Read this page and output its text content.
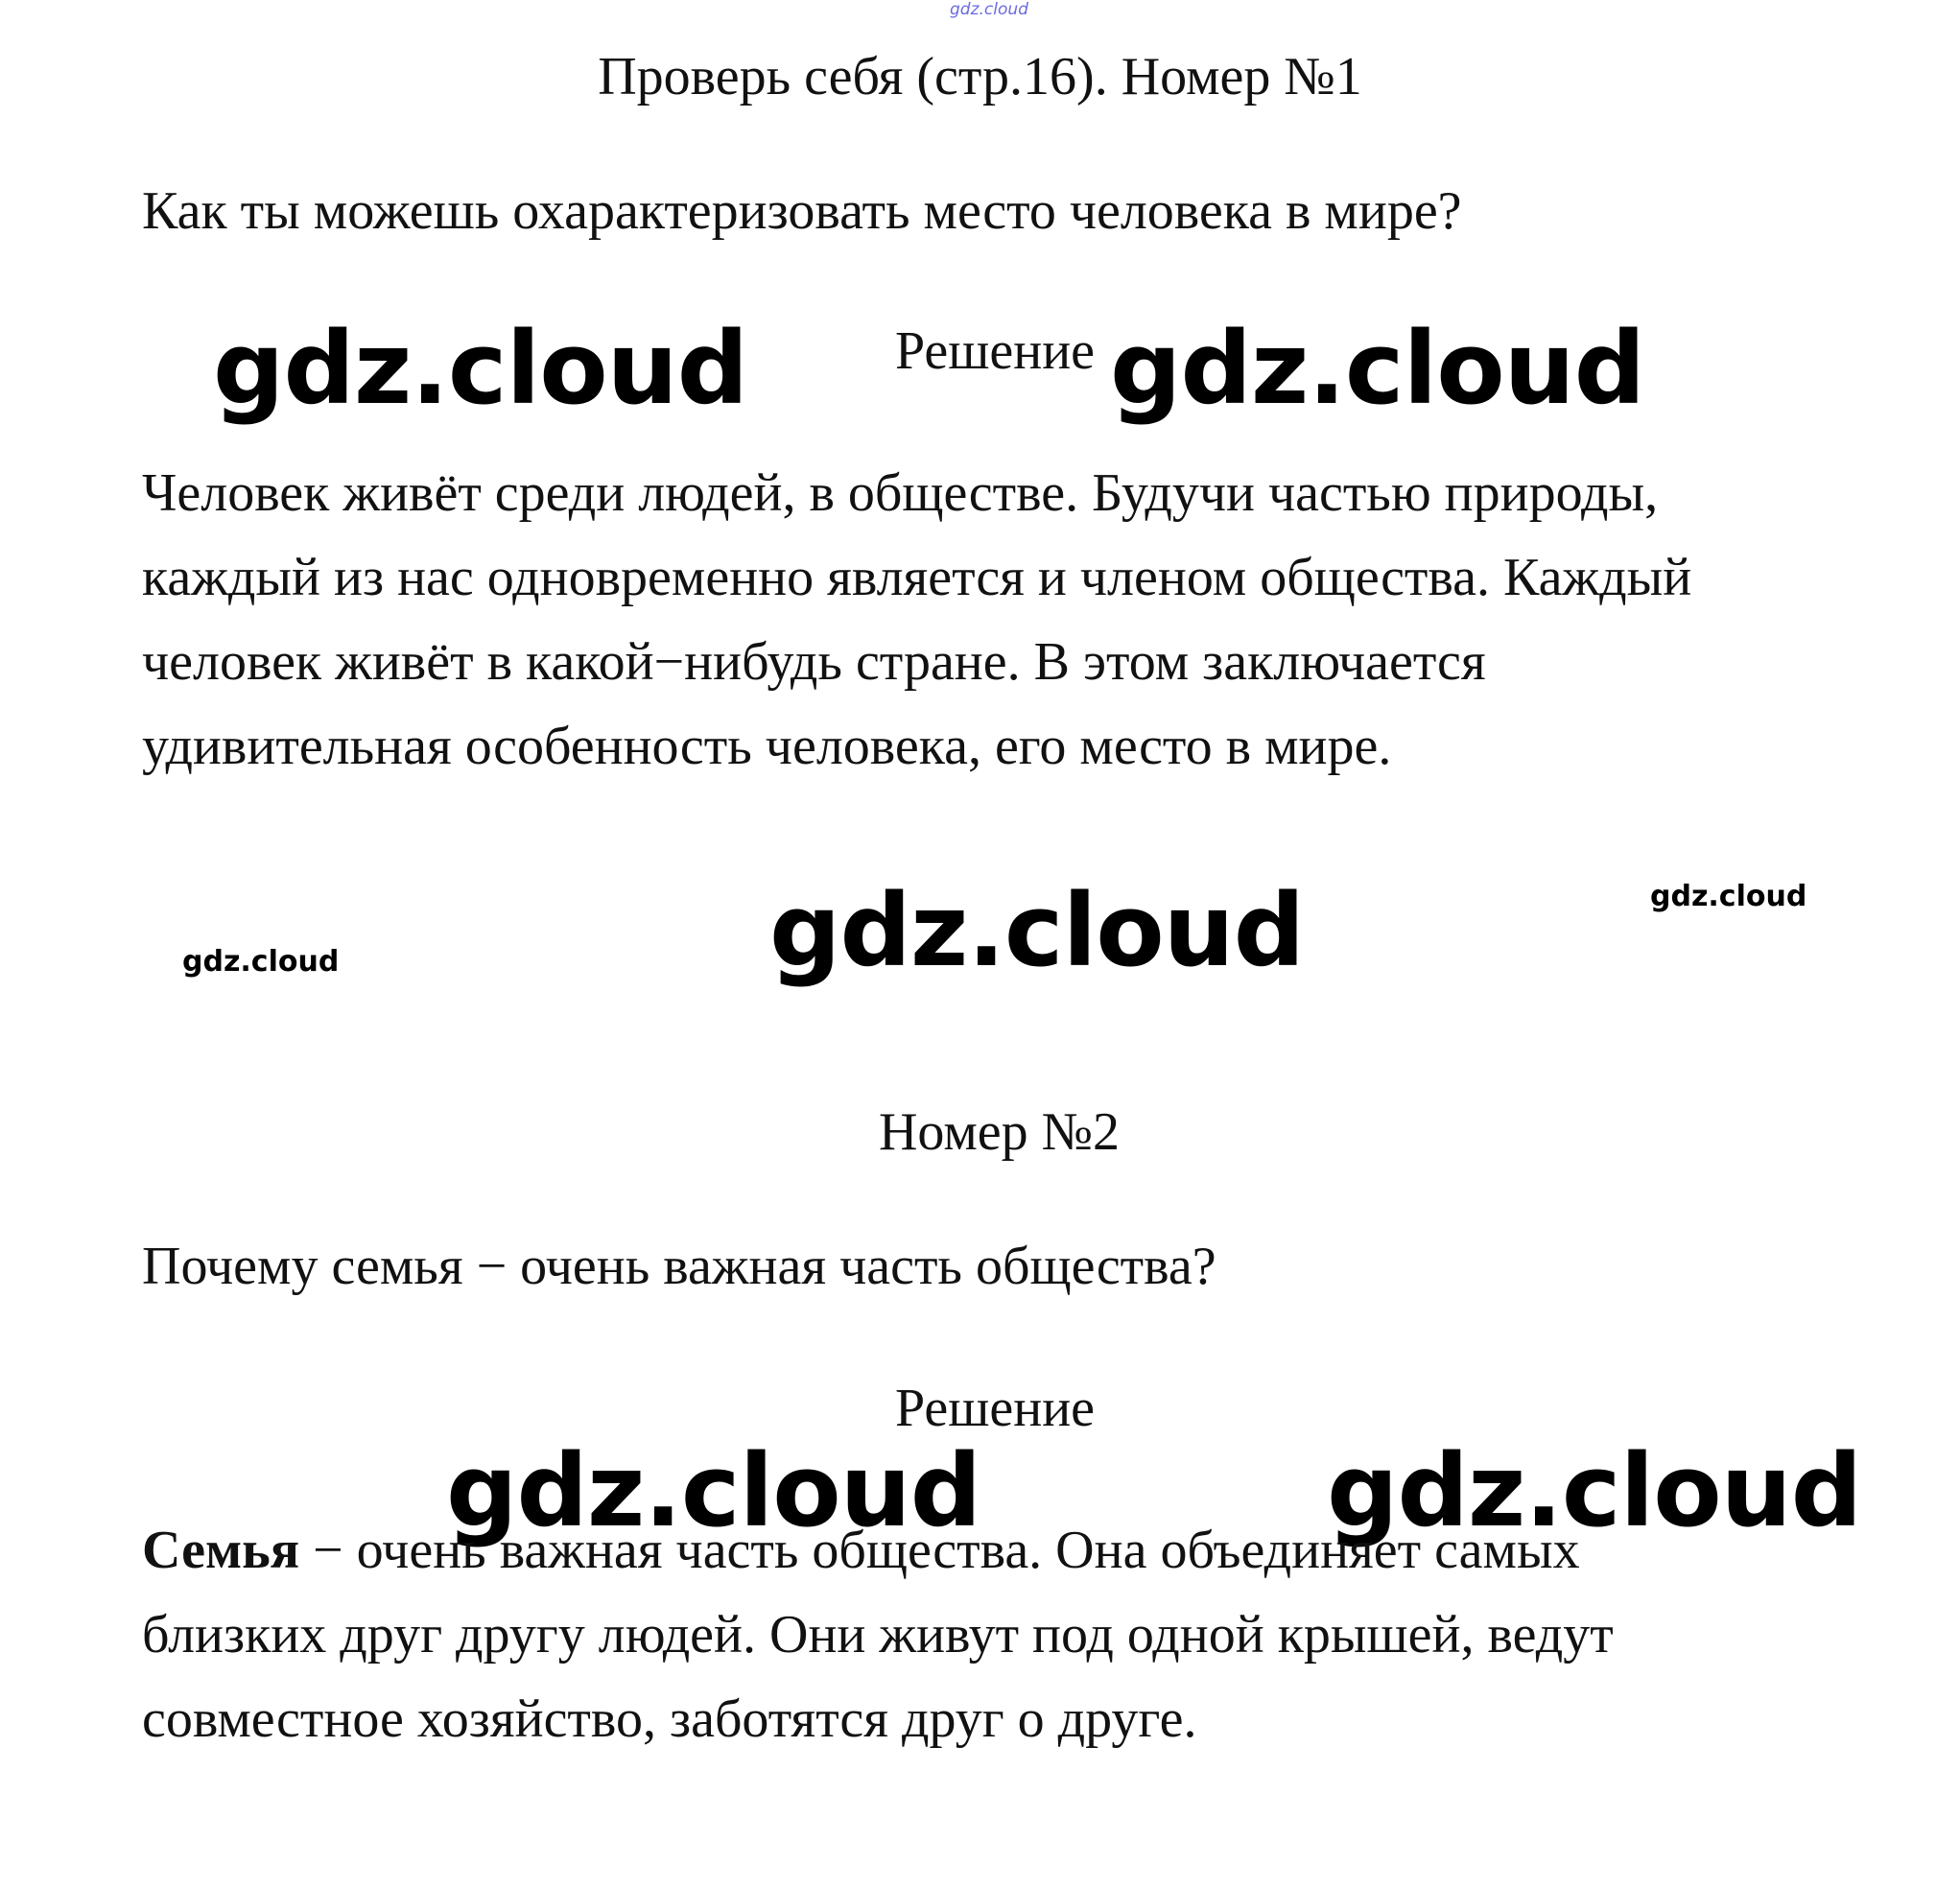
gdz.cloud
Проверь себя (стр.16). Номер №1
Как ты можешь охарактеризовать место человека в мире?
gdz.cloud	Решение gdz.cloud
Человек живёт среди людей, в обществе. Будучи частью природы,
каждый из нас одновременно является и членом общества. Каждый
человек живёт в какой−нибудь стране. В этом заключается
удивительная особенность человека, его место в мире.
gdz.cloud
gdz.cloud
gdz.cloud
Номер №2
Почему семья − очень важная часть общества?
Решение
gdz.cloud	gdz.cloud
Семья − очень важная часть общества. Она объединяет самых
близких друг другу людей. Они живут под одной крышей, ведут
совместное хозяйство, заботятся друг о друге.
